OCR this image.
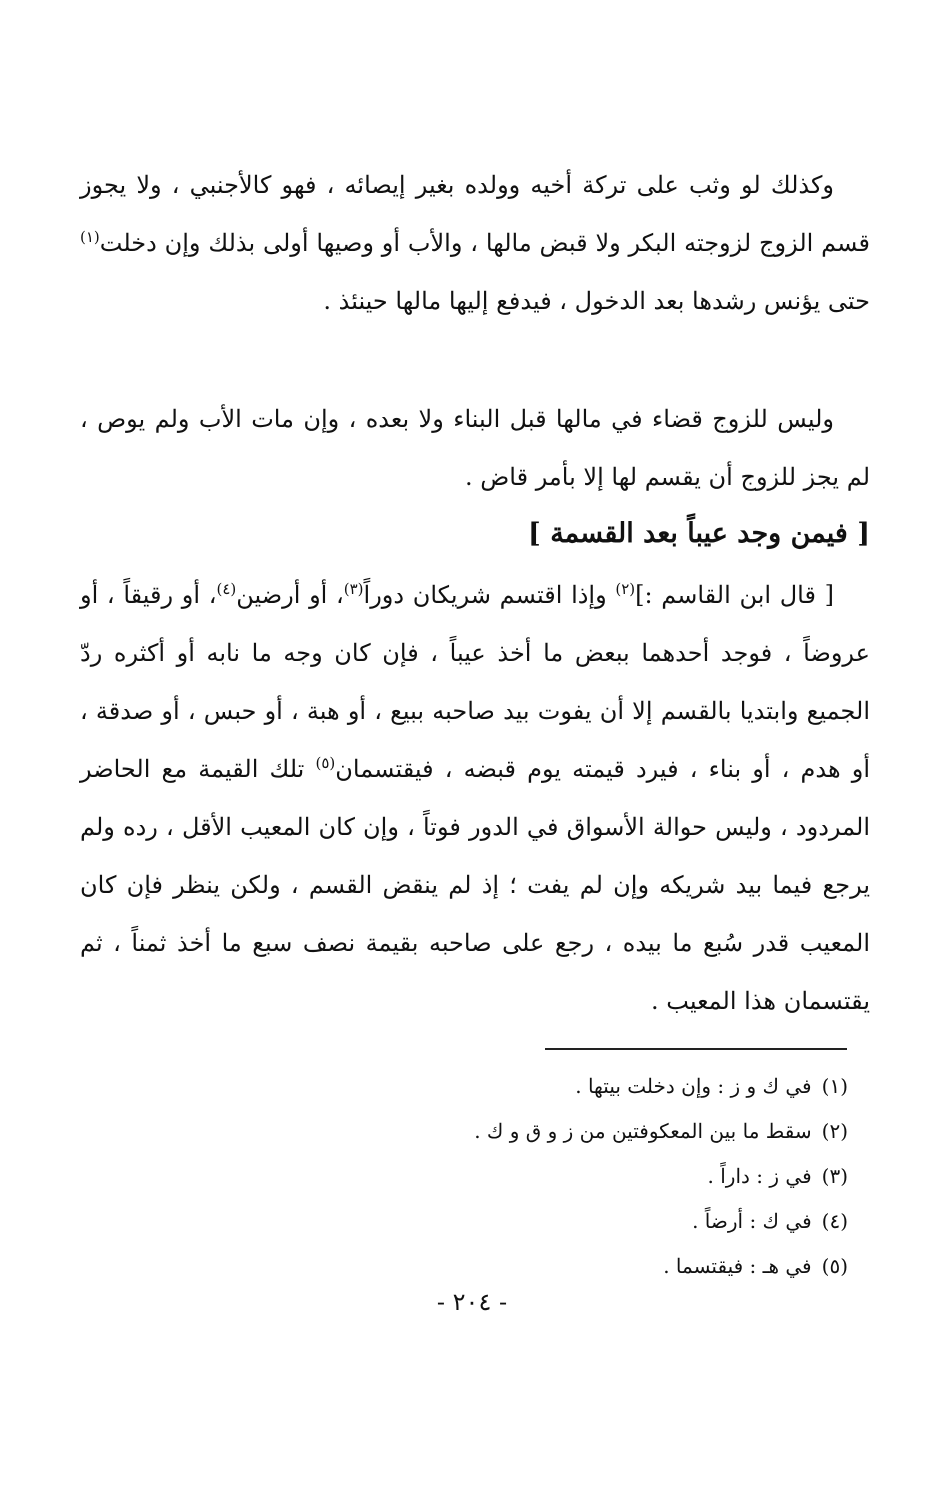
وكذلك لو وثب على تركة أخيه وولده بغير إيصائه ، فهو كالأجنبي ، ولا يجوز قسم الزوج لزوجته البكر ولا قبض مالها ، والأب أو وصيها أولى بذلك وإن دخلت$^{(١)}$ حتى يؤنس رشدها بعد الدخول ، فيدفع إليها مالها حينئذ .

وليس للزوج قضاء في مالها قبل البناء ولا بعده ، وإن مات الأب ولم يوص ، لم يجز للزوج أن يقسم لها إلا بأمر قاض .

[ فيمن وجد عيباً بعد القسمة ]

[ قال ابن القاسم :]$^{(٢)}$ وإذا اقتسم شريكان دوراً$^{(٣)}$، أو أرضين$^{(٤)}$، أو رقيقاً ، أو عروضاً ، فوجد أحدهما ببعض ما أخذ عيباً ، فإن كان وجه ما نابه أو أكثره ردّ الجميع وابتديا بالقسم إلا أن يفوت بيد صاحبه ببيع ، أو هبة ، أو حبس ، أو صدقة ، أو هدم ، أو بناء ، فيرد قيمته يوم قبضه ، فيقتسمان$^{(٥)}$ تلك القيمة مع الحاضر المردود ، وليس حوالة الأسواق في الدور فوتاً ، وإن كان المعيب الأقل ، رده ولم يرجع فيما بيد شريكه وإن لم يفت ؛ إذ لم ينقض القسم ، ولكن ينظر فإن كان المعيب قدر سُبع ما بيده ، رجع على صاحبه بقيمة نصف سبع ما أخذ ثمناً ، ثم يقتسمان هذا المعيب .

(١)في ك و ز : وإن دخلت بيتها .
(٢)سقط ما بين المعكوفتين من ز و ق و ك .
(٣)في ز : داراً .
(٤)في ك : أرضاً .
(٥)في هـ : فيقتسما .
- ٢٠٤ -
